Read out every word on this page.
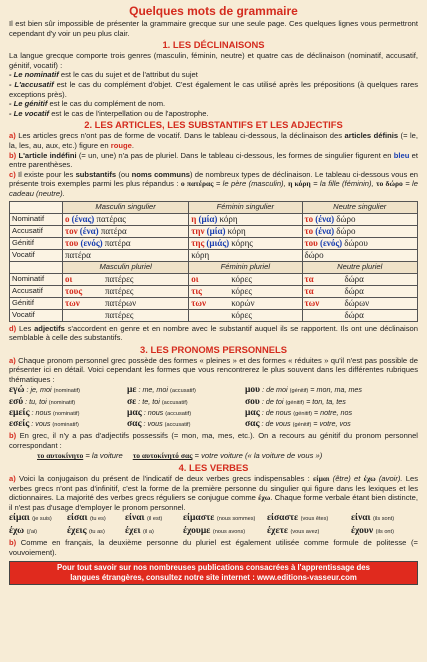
Quelques mots de grammaire

Il est bien sûr impossible de présenter la grammaire grecque sur une seule page. Ces quelques lignes vous permettront cependant d'y voir un peu plus clair.

1. LES DÉCLINAISONS

La langue grecque comporte trois genres (masculin, féminin, neutre) et quatre cas de déclinaison (nominatif, accusatif, génitif, vocatif) :

- Le nominatif est le cas du sujet et de l'attribut du sujet

- L'accusatif est le cas du complément d'objet. C'est également le cas utilisé après les prépositions (à quelques rares exceptions près).

- Le génitif est le cas du complément de nom.

- Le vocatif est le cas de l'interpellation ou de l'apostrophe.

2. LES ARTICLES, LES SUBSTANTIFS ET LES ADJECTIFS

a) Les articles grecs n'ont pas de forme de vocatif. Dans le tableau ci-dessous, la déclinaison des articles définis (= le, la, les, au, aux, etc.) figure en rouge.

b) L'article indéfini (= un, une) n'a pas de pluriel. Dans le tableau ci-dessous, les formes de singulier figurent en bleu et entre parenthèses.

c) Il existe pour les substantifs (ou noms communs) de nombreux types de déclinaison. Le tableau ci-dessous vous en présente trois exemples parmi les plus répandus : ο πατέρας = le père (masculin), η κόρη = la fille (féminin), το δώρο = le cadeau (neutre).

	Masculin singulier	Féminin singulier	Neutre singulier
Nominatif	ο (ένας) πατέρας	η (μία) κόρη	το (ένα) δώρο
Accusatif	τον (ένα) πατέρα	την (μία) κόρη	το (ένα) δώρο
Génitif	του (ενός) πατέρα	της (μιάς) κόρης	του (ενός) δώρου
Vocatif	πατέρα	κόρη	δώρο
	Masculin pluriel	Féminin pluriel	Neutre pluriel
Nominatif	οι πατέρες	οι κόρες	τα δώρα
Accusatif	τους πατέρες	τις κόρες	τα δώρα
Génitif	των πατέρων	των κορών	των δώρων
Vocatif	πατέρες	κόρες	δώρα

d) Les adjectifs s'accordent en genre et en nombre avec le substantif auquel ils se rapportent. Ils ont une déclinaison semblable à celle des substantifs.

3. LES PRONOMS PERSONNELS

a) Chaque pronom personnel grec possède des formes « pleines » et des formes « réduites » qu'il n'est pas possible de présenter ici en détail. Voici cependant les formes que vous rencontrerez le plus souvent dans les différentes rubriques thématiques :

εγώ : je, moi (nominatif)	με : me, moi (accusatif)	μου : de moi (génitif) = mon, ma, mes
εσύ : tu, toi (nominatif)	σε : te, toi (accusatif)	σου : de toi (génitif) = ton, ta, tes
εμείς : nous (nominatif)	μας : nous (accusatif)	μας : de nous (génitif) = notre, nos
εσείς : vous (nominatif)	σας : vous (accusatif)	σας : de vous (génitif) = votre, vos

b) En grec, il n'y a pas d'adjectifs possessifs (= mon, ma, mes, etc.). On a recours au génitif du pronom personnel correspondant :

το αυτοκίνητο = la voiture το αυτοκίνητό σας = votre voiture (« la voiture de vous »)

4. LES VERBES

a) Voici la conjugaison du présent de l'indicatif de deux verbes grecs indispensables : είμαι (être) et έχω (avoir). Les verbes grecs n'ont pas d'infinitif, c'est la forme de la première personne du singulier qui figure dans les lexiques et les dictionnaires. La majorité des verbes grecs réguliers se conjugue comme έχω. Chaque forme verbale étant bien distincte, il n'est pas d'usage d'employer le pronom personnel.

είμαι (je suis)	είσαι (tu es)	είναι (il est)	είμαστε (nous sommes)	είσαστε (vous êtes)	είναι (ils sont)
έχω (j'ai)	έχεις (tu as)	έχει (il a)	έχουμε (nous avons)	έχετε (vous avez)	έχουν (ils ont)

b) Comme en français, la deuxième personne du pluriel est également utilisée comme formule de politesse (= vouvoiement).

Pour tout savoir sur nos nombreuses publications consacrées à l'apprentissage des
langues étrangères, consultez notre site internet : www.editions-vasseur.com
